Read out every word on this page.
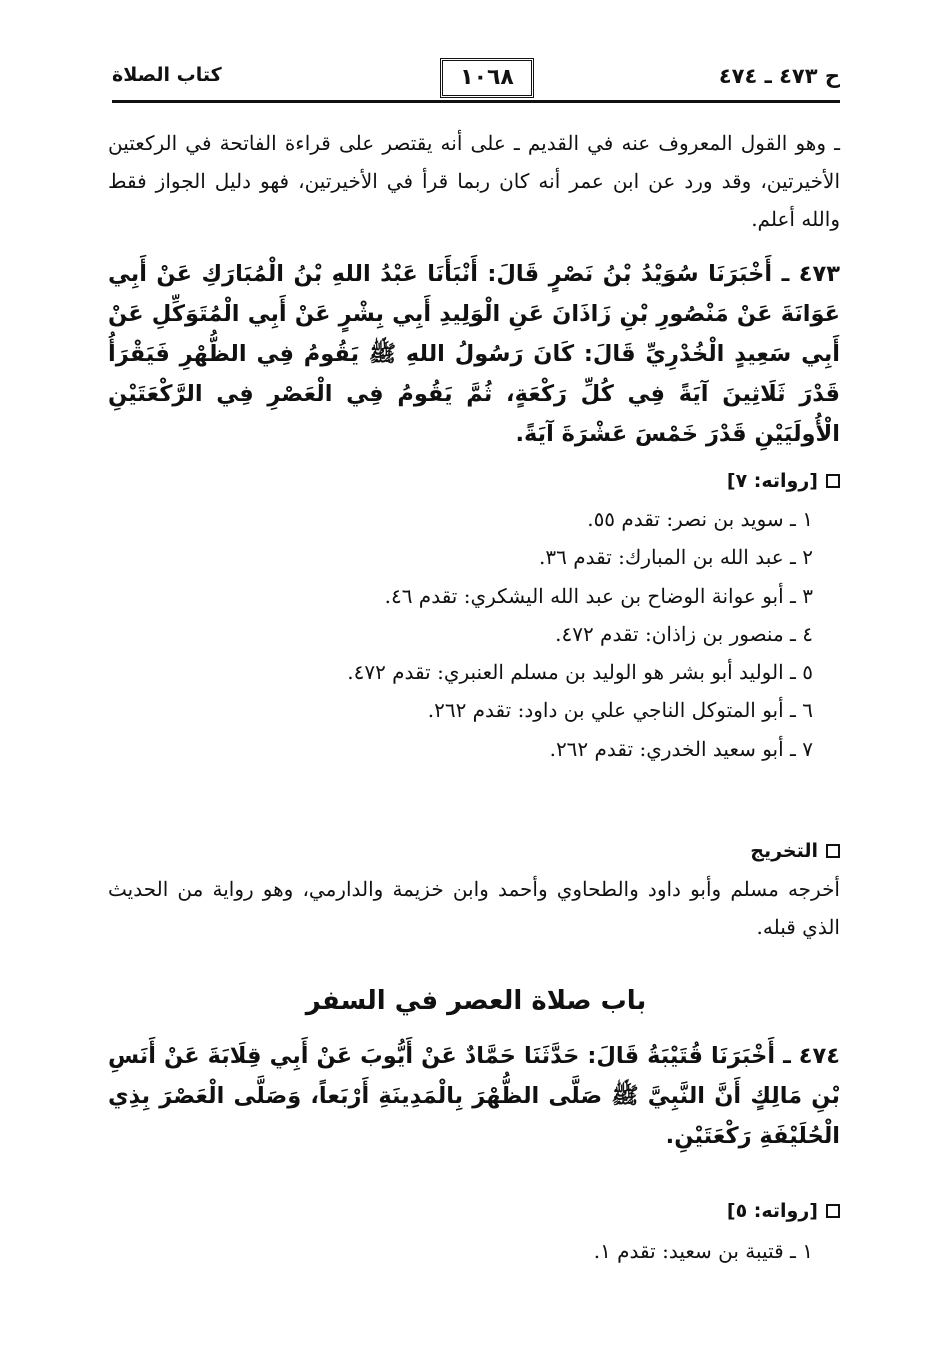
ح ٤٧٣ ـ ٤٧٤
١٠٦٨
كتاب الصلاة
ـ وهو القول المعروف عنه في القديم ـ على أنه يقتصر على قراءة الفاتحة في الركعتين الأخيرتين، وقد ورد عن ابن عمر أنه كان ربما قرأ في الأخيرتين، فهو دليل الجواز فقط والله أعلم.
٤٧٣ ـ أَخْبَرَنَا سُوَيْدُ بْنُ نَصْرٍ قَالَ: أَنْبَأَنَا عَبْدُ اللهِ بْنُ الْمُبَارَكِ عَنْ أَبِي عَوَانَةَ عَنْ مَنْصُورِ بْنِ زَاذَانَ عَنِ الْوَلِيدِ أَبِي بِشْرٍ عَنْ أَبِي الْمُتَوَكِّلِ عَنْ أَبِي سَعِيدٍ الْخُدْرِيِّ قَالَ: كَانَ رَسُولُ اللهِ ﷺ يَقُومُ فِي الظُّهْرِ فَيَقْرَأُ قَدْرَ ثَلَاثِينَ آيَةً فِي كُلِّ رَكْعَةٍ، ثُمَّ يَقُومُ فِي الْعَصْرِ فِي الرَّكْعَتَيْنِ الْأُولَيَيْنِ قَدْرَ خَمْسَ عَشْرَةَ آيَةً.
[رواته: ٧]
١ ـ سويد بن نصر: تقدم ٥٥.
٢ ـ عبد الله بن المبارك: تقدم ٣٦.
٣ ـ أبو عوانة الوضاح بن عبد الله اليشكري: تقدم ٤٦.
٤ ـ منصور بن زاذان: تقدم ٤٧٢.
٥ ـ الوليد أبو بشر هو الوليد بن مسلم العنبري: تقدم ٤٧٢.
٦ ـ أبو المتوكل الناجي علي بن داود: تقدم ٢٦٢.
٧ ـ أبو سعيد الخدري: تقدم ٢٦٢.
التخريج
أخرجه مسلم وأبو داود والطحاوي وأحمد وابن خزيمة والدارمي، وهو رواية من الحديث الذي قبله.
باب صلاة العصر في السفر
٤٧٤ ـ أَخْبَرَنَا قُتَيْبَةُ قَالَ: حَدَّثَنَا حَمَّادٌ عَنْ أَيُّوبَ عَنْ أَبِي قِلَابَةَ عَنْ أَنَسِ بْنِ مَالِكٍ أَنَّ النَّبِيَّ ﷺ صَلَّى الظُّهْرَ بِالْمَدِينَةِ أَرْبَعاً، وَصَلَّى الْعَصْرَ بِذِي الْحُلَيْفَةِ رَكْعَتَيْنِ.
[رواته: ٥]
١ ـ قتيبة بن سعيد: تقدم ١.
